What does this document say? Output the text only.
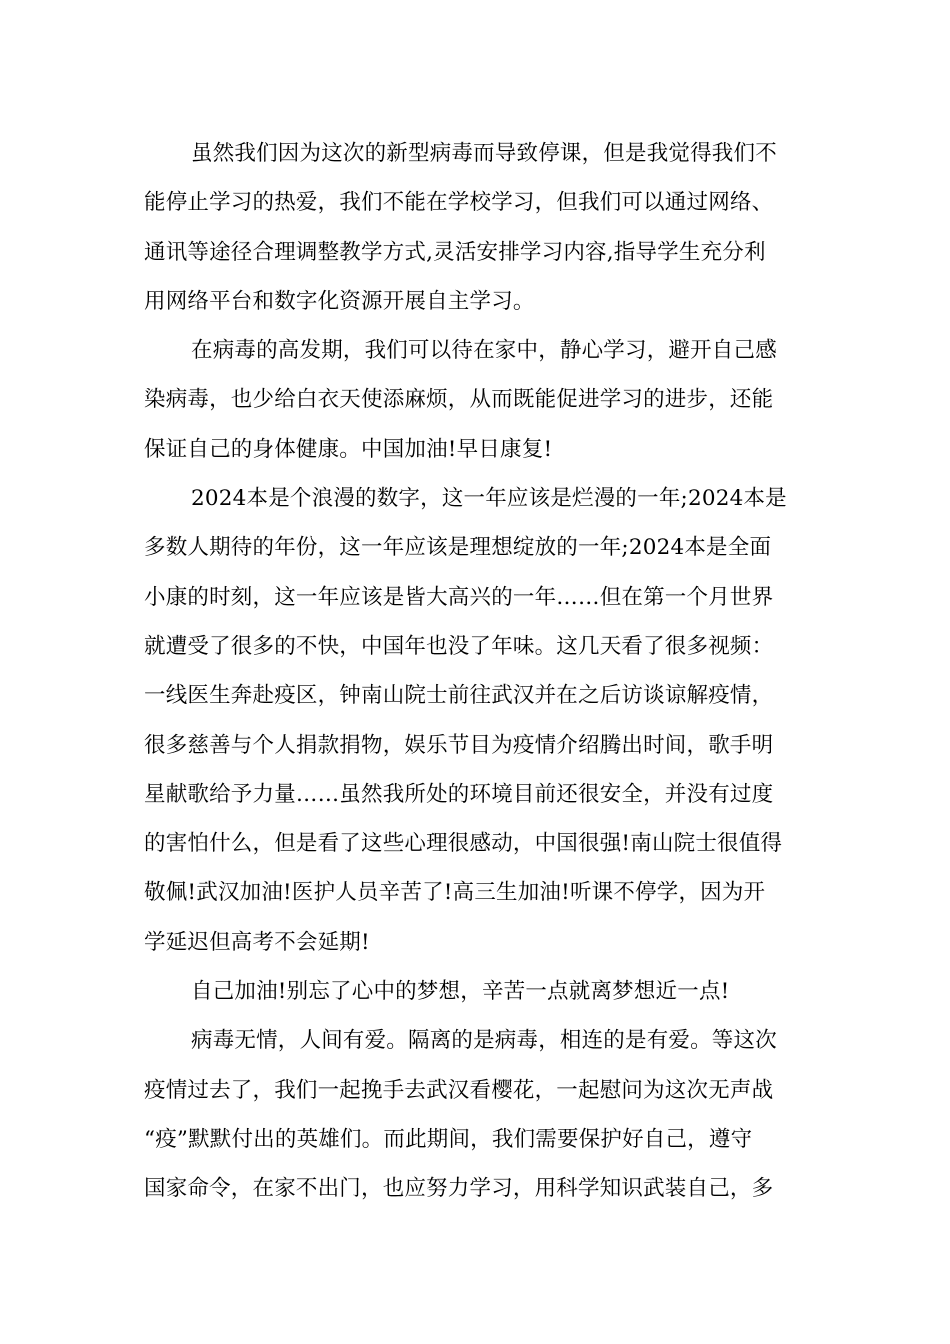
虽然我们因为这次的新型病毒而导致停课，但是我觉得我们不
能停止学习的热爱，我们不能在学校学习，但我们可以通过网络、
通讯等途径合理调整教学方式,灵活安排学习内容,指导学生充分利
用网络平台和数字化资源开展自主学习。
在病毒的高发期，我们可以待在家中，静心学习，避开自己感
染病毒，也少给白衣天使添麻烦，从而既能促进学习的进步，还能
保证自己的身体健康。中国加油!早日康复!
2024本是个浪漫的数字，这一年应该是烂漫的一年;2024本是
多数人期待的年份，这一年应该是理想绽放的一年;2024本是全面
小康的时刻，这一年应该是皆大高兴的一年……但在第一个月世界
就遭受了很多的不快，中国年也没了年味。这几天看了很多视频：
一线医生奔赴疫区，钟南山院士前往武汉并在之后访谈谅解疫情，
很多慈善与个人捐款捐物，娱乐节目为疫情介绍腾出时间，歌手明
星献歌给予力量……虽然我所处的环境目前还很安全，并没有过度
的害怕什么，但是看了这些心理很感动，中国很强!南山院士很值得
敬佩!武汉加油!医护人员辛苦了!高三生加油!听课不停学，因为开
学延迟但高考不会延期!
自己加油!别忘了心中的梦想，辛苦一点就离梦想近一点!
病毒无情，人间有爱。隔离的是病毒，相连的是有爱。等这次
疫情过去了，我们一起挽手去武汉看樱花，一起慰问为这次无声战
“疫”默默付出的英雄们。而此期间，我们需要保护好自己，遵守
国家命令，在家不出门，也应努力学习，用科学知识武装自己，多
